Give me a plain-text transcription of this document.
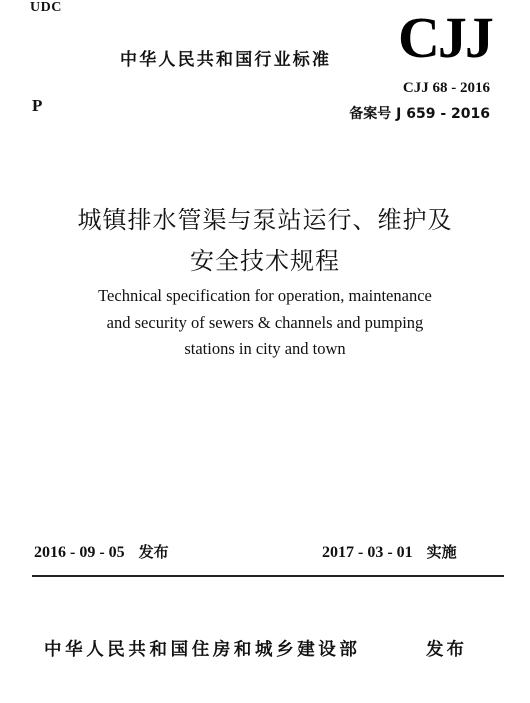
UDC
P
中华人民共和国行业标准 CJJ
CJJ 68 - 2016
备案号 J 659 - 2016
城镇排水管渠与泵站运行、维护及
安全技术规程
Technical specification for operation, maintenance
and security of sewers & channels and pumping
stations in city and town
2016 - 09 - 05 发布	2017 - 03 - 01 实施
中华人民共和国住房和城乡建设部	发布
